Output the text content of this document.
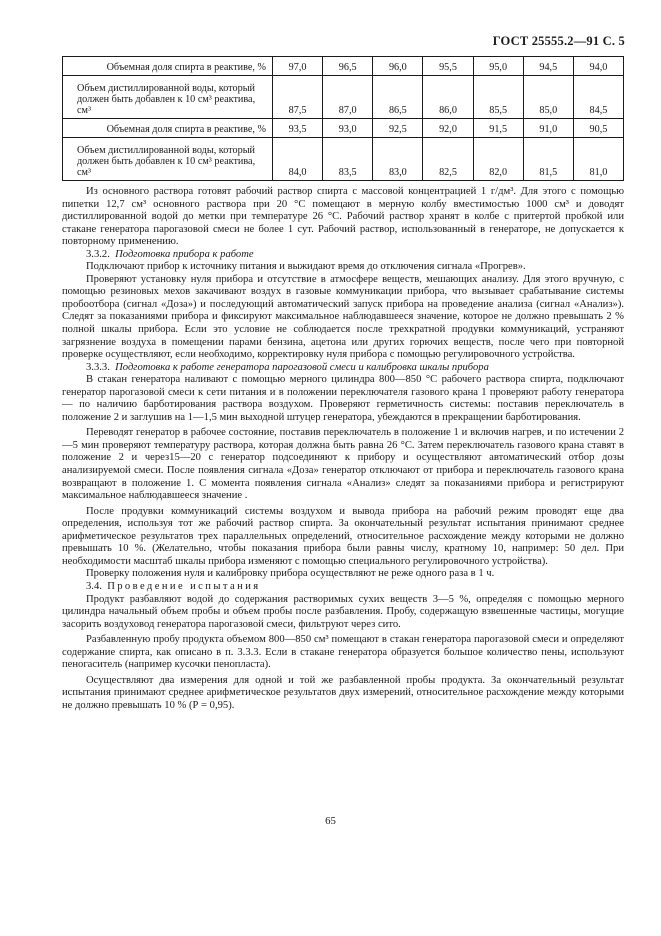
ГОСТ 25555.2—91 С. 5
Объемная доля спирта в реактиве, %	97,0	96,5	96,0	95,5	95,0	94,5	94,0
Объем дистиллированной воды, который должен быть добавлен к 10 см³ реактива, см³	87,5	87,0	86,5	86,0	85,5	85,0	84,5
Объемная доля спирта в реактиве, %	93,5	93,0	92,5	92,0	91,5	91,0	90,5
Объем дистиллированной воды, который должен быть добавлен к 10 см³ реактива, см³	84,0	83,5	83,0	82,5	82,0	81,5	81,0

Из основного раствора готовят рабочий раствор спирта с массовой концентрацией 1 г/дм³. Для этого с помощью пипетки 12,7 см³ основного раствора при 20 °С помещают в мерную колбу вместимостью 1000 см³ и доводят дистиллированной водой до метки при температуре 26 °С. Рабочий раствор хранят в колбе с притертой пробкой или стакане генератора парогазовой смеси не более 1 сут. Рабочий раствор, использованный в генераторе, не допускается к повторному применению.

3.3.2. Подготовка прибора к работе

Подключают прибор к источнику питания и выжидают время до отключения сигнала «Прогрев».

Проверяют установку нуля прибора и отсутствие в атмосфере веществ, мешающих анализу. Для этого вручную, с помощью резиновых мехов закачивают воздух в газовые коммуникации прибора, что вызывает срабатывание системы пробоотбора (сигнал «Доза») и последующий автоматический запуск прибора на проведение анализа (сигнал «Анализ»). Следят за показаниями прибора и фиксируют максимальное наблюдавшееся значение, которое не должно превышать 2 % полной шкалы прибора. Если это условие не соблюдается после трехкратной продувки коммуникаций, устраняют загрязнение воздуха в помещении парами бензина, ацетона или других горючих веществ, после чего при повторной проверке осуществляют, если необходимо, корректировку нуля прибора с помощью регулировочного устройства.

3.3.3. Подготовка к работе генератора парогазовой смеси и калибровка шкалы прибора

В стакан генератора наливают с помощью мерного цилиндра 800—850 °С рабочего раствора спирта, подключают генератор парогазовой смеси к сети питания и в положении переключателя газового крана 1 проверяют работу генератора — по наличию барботирования раствора воздухом. Проверяют герметичность системы: поставив переключатель в положение 2 и заглушив на 1—1,5 мин выходной штуцер генератора, убеждаются в прекращении барботирования.

Переводят генератор в рабочее состояние, поставив переключатель в положение 1 и включив нагрев, и по истечении 2—5 мин проверяют температуру раствора, которая должна быть равна 26 °С. Затем переключатель газового крана ставят в положение 2 и через15—20 с генератор подсоединяют к прибору и осуществляют автоматический отбор дозы анализируемой смеси. После появления сигнала «Доза» генератор отключают от прибора и переключатель газового крана возвращают в положение 1. С момента появления сигнала «Анализ» следят за показаниями прибора и регистрируют максимальное наблюдавшееся значение .

После продувки коммуникаций системы воздухом и вывода прибора на рабочий режим проводят еще два определения, используя тот же рабочий раствор спирта. За окончательный результат испытания принимают среднее арифметическое результатов трех параллельных определений, относительное расхождение между которыми не должно превышать 10 %. (Желательно, чтобы показания прибора были равны числу, кратному 10, например: 50 дел. При необходимости масштаб шкалы прибора изменяют с помощью специального регулировочного устройства).

Проверку положения нуля и калибровку прибора осуществляют не реже одного раза в 1 ч.

3.4. Проведение испытания

Продукт разбавляют водой до содержания растворимых сухих веществ 3—5 %, определяя с помощью мерного цилиндра начальный объем пробы и объем пробы после разбавления. Пробу, содержащую взвешенные частицы, могущие засорить воздуховод генератора парогазовой смеси, фильтруют через сито.

Разбавленную пробу продукта объемом 800—850 см³ помещают в стакан генератора парогазовой смеси и определяют содержание спирта, как описано в п. 3.3.3. Если в стакане генератора образуется большое количество пены, используют пеногаситель (например кусочки пенопласта).

Осуществляют два измерения для одной и той же разбавленной пробы продукта. За окончательный результат испытания принимают среднее арифметическое результатов двух измерений, относительное расхождение между которыми не должно превышать 10 % (Р = 0,95).

65
